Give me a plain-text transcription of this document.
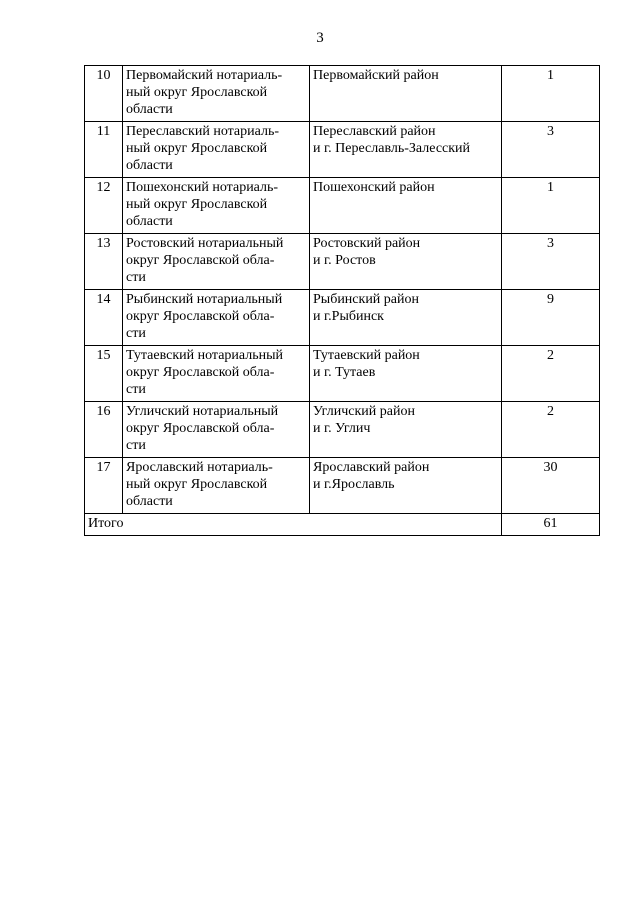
3
10	Первомайский нотариаль-
ный округ Ярославской
области	Первомайский район	1
11	Переславский нотариаль-
ный округ Ярославской
области	Переславский район
и г. Переславль-Залесский	3
12	Пошехонский нотариаль-
ный округ Ярославской
области	Пошехонский район	1
13	Ростовский нотариальный
округ Ярославской обла-
сти	Ростовский район
и г. Ростов	3
14	Рыбинский нотариальный
округ Ярославской обла-
сти	Рыбинский район
и г.Рыбинск	9
15	Тутаевский нотариальный
округ Ярославской обла-
сти	Тутаевский район
и г. Тутаев	2
16	Угличский нотариальный
округ Ярославской обла-
сти	Угличский район
и г. Углич	2
17	Ярославский нотариаль-
ный округ Ярославской
области	Ярославский район
и г.Ярославль	30
Итого			61
